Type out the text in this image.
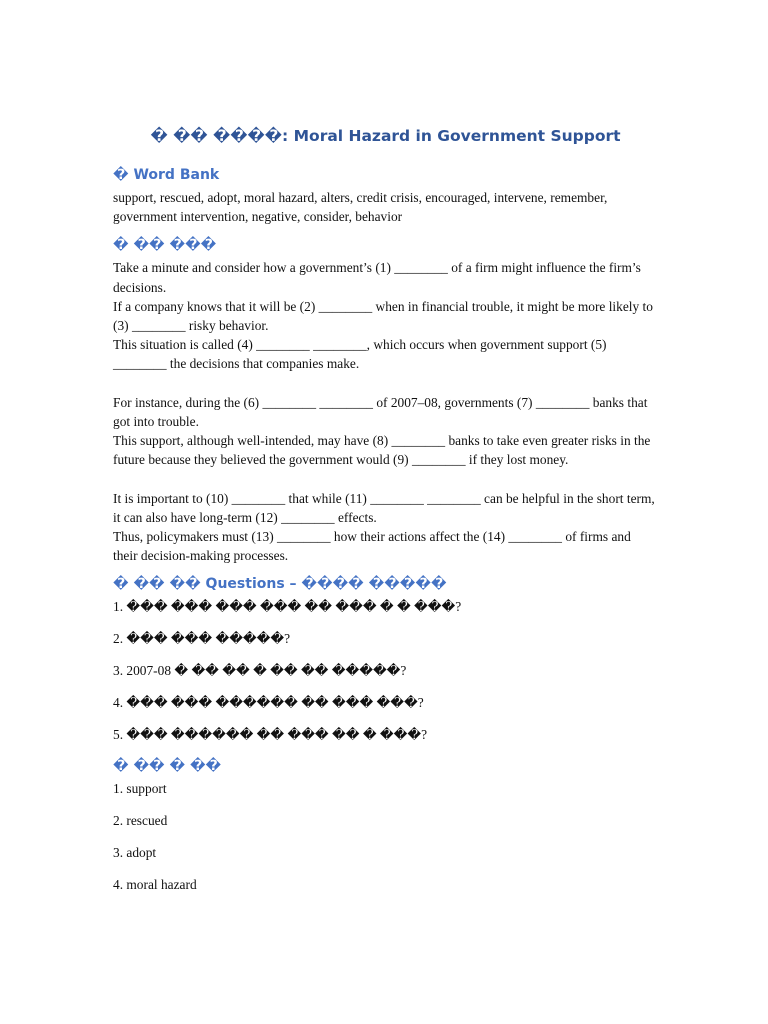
� �� ����: Moral Hazard in Government Support
� Word Bank

support, rescued, adopt, moral hazard, alters, credit crisis, encouraged, intervene, remember, government intervention, negative, consider, behavior

� �� ���

Take a minute and consider how a government’s (1) ________ of a firm might influence the firm’s decisions.
If a company knows that it will be (2) ________ when in financial trouble, it might be more likely to (3) ________ risky behavior.
This situation is called (4) ________ ________, which occurs when government support (5) ________ the decisions that companies make.

For instance, during the (6) ________ ________ of 2007–08, governments (7) ________ banks that got into trouble.
This support, although well-intended, may have (8) ________ banks to take even greater risks in the future because they believed the government would (9) ________ if they lost money.

It is important to (10) ________ that while (11) ________ ________ can be helpful in the short term, it can also have long-term (12) ________ effects.
Thus, policymakers must (13) ________ how their actions affect the (14) ________ of firms and their decision-making processes.

� �� �� Questions – ���� �����

1. ��� ��� ��� ��� �� ��� � � ���?

2. ��� ��� �����?

3. 2007-08 � �� �� � �� �� �����?

4. ��� ��� ������ �� ��� ���?

5. ��� ������ �� ��� �� � ���?

� �� � ��

1. support

2. rescued

3. adopt

4. moral hazard
